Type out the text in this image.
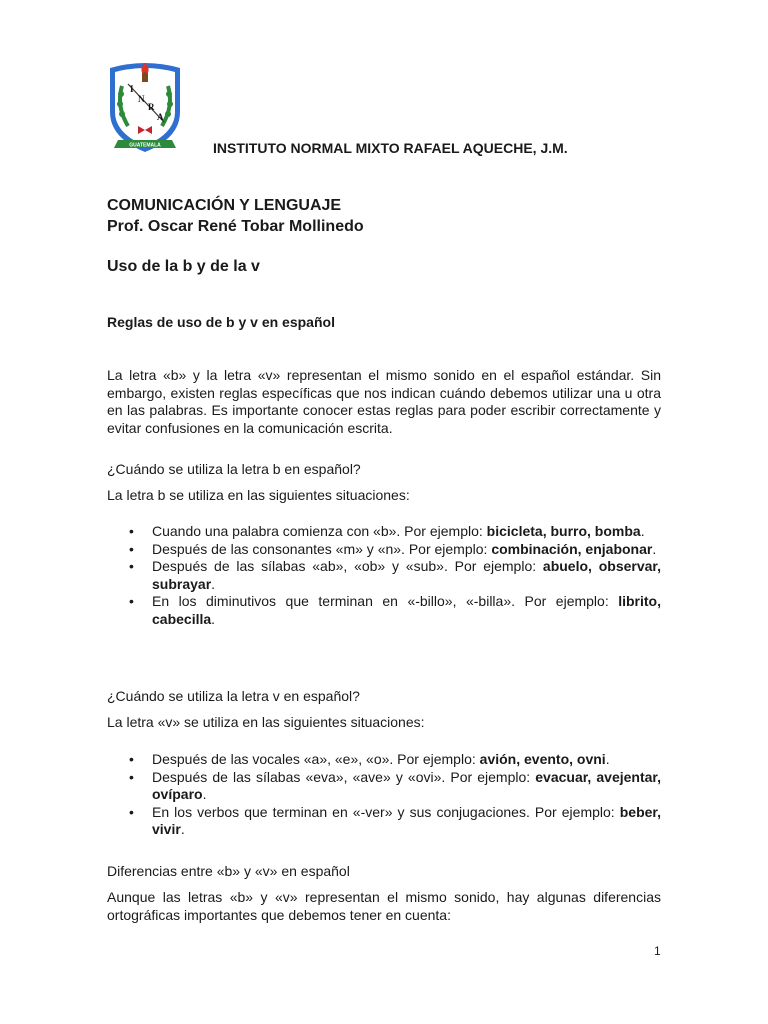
I
N
R
A
GUATEMALA	INSTITUTO NORMAL MIXTO RAFAEL AQUECHE, J.M.
COMUNICACIÓN Y LENGUAJE
Prof. Oscar René Tobar Mollinedo
Uso de la b y de la v
Reglas de uso de b y v en español
La letra «b» y la letra «v» representan el mismo sonido en el español estándar. Sin embargo, existen reglas específicas que nos indican cuándo debemos utilizar una u otra en las palabras. Es importante conocer estas reglas para poder escribir correctamente y evitar confusiones en la comunicación escrita.
¿Cuándo se utiliza la letra b en español?
La letra b se utiliza en las siguientes situaciones:
• Cuando una palabra comienza con «b». Por ejemplo: bicicleta, burro, bomba.
• Después de las consonantes «m» y «n». Por ejemplo: combinación, enjabonar.
• Después de las sílabas «ab», «ob» y «sub». Por ejemplo: abuelo, observar, subrayar.
• En los diminutivos que terminan en «-billo», «-billa». Por ejemplo: librito, cabecilla.
¿Cuándo se utiliza la letra v en español?
La letra «v» se utiliza en las siguientes situaciones:
• Después de las vocales «a», «e», «o». Por ejemplo: avión, evento, ovni.
• Después de las sílabas «eva», «ave» y «ovi». Por ejemplo: evacuar, avejentar, ovíparo.
• En los verbos que terminan en «-ver» y sus conjugaciones. Por ejemplo: beber, vivir.
Diferencias entre «b» y «v» en español
Aunque las letras «b» y «v» representan el mismo sonido, hay algunas diferencias ortográficas importantes que debemos tener en cuenta:
1
